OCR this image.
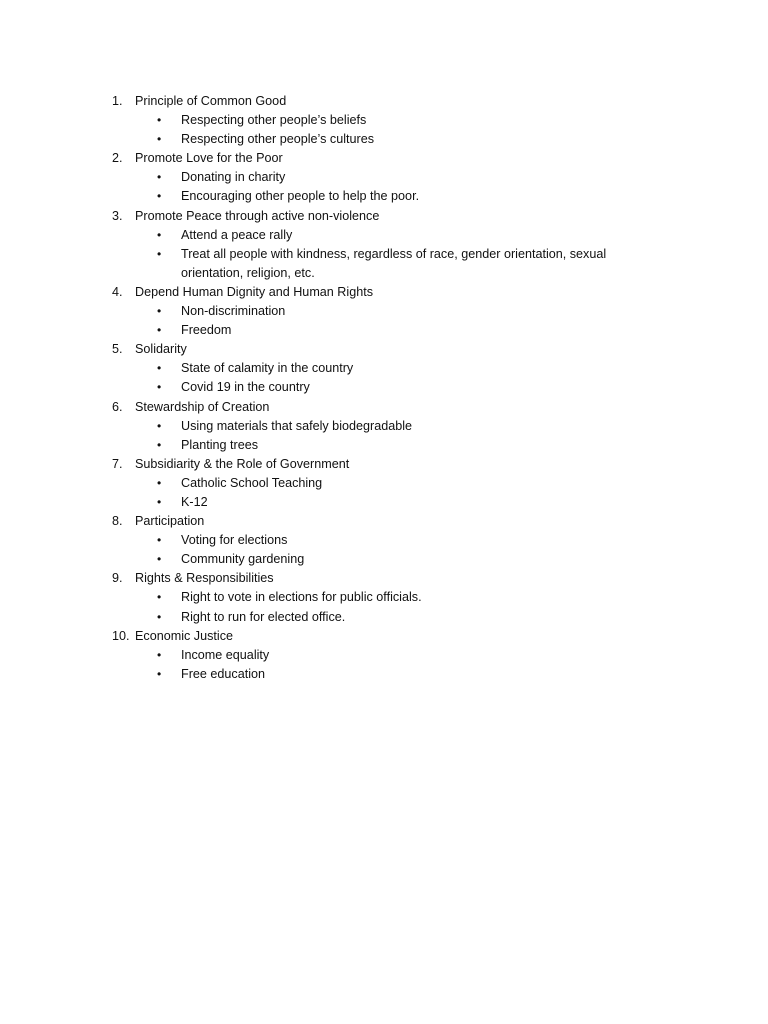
1. Principle of Common Good
• Respecting other people’s beliefs
• Respecting other people’s cultures
2. Promote Love for the Poor
• Donating in charity
• Encouraging other people to help the poor.
3. Promote Peace through active non-violence
• Attend a peace rally
• Treat all people with kindness, regardless of race, gender orientation, sexual orientation, religion, etc.
4. Depend Human Dignity and Human Rights
• Non-discrimination
• Freedom
5. Solidarity
• State of calamity in the country
• Covid 19 in the country
6. Stewardship of Creation
• Using materials that safely biodegradable
• Planting trees
7. Subsidiarity & the Role of Government
• Catholic School Teaching
• K-12
8. Participation
• Voting for elections
• Community gardening
9. Rights & Responsibilities
• Right to vote in elections for public officials.
• Right to run for elected office.
10. Economic Justice
• Income equality
• Free education
